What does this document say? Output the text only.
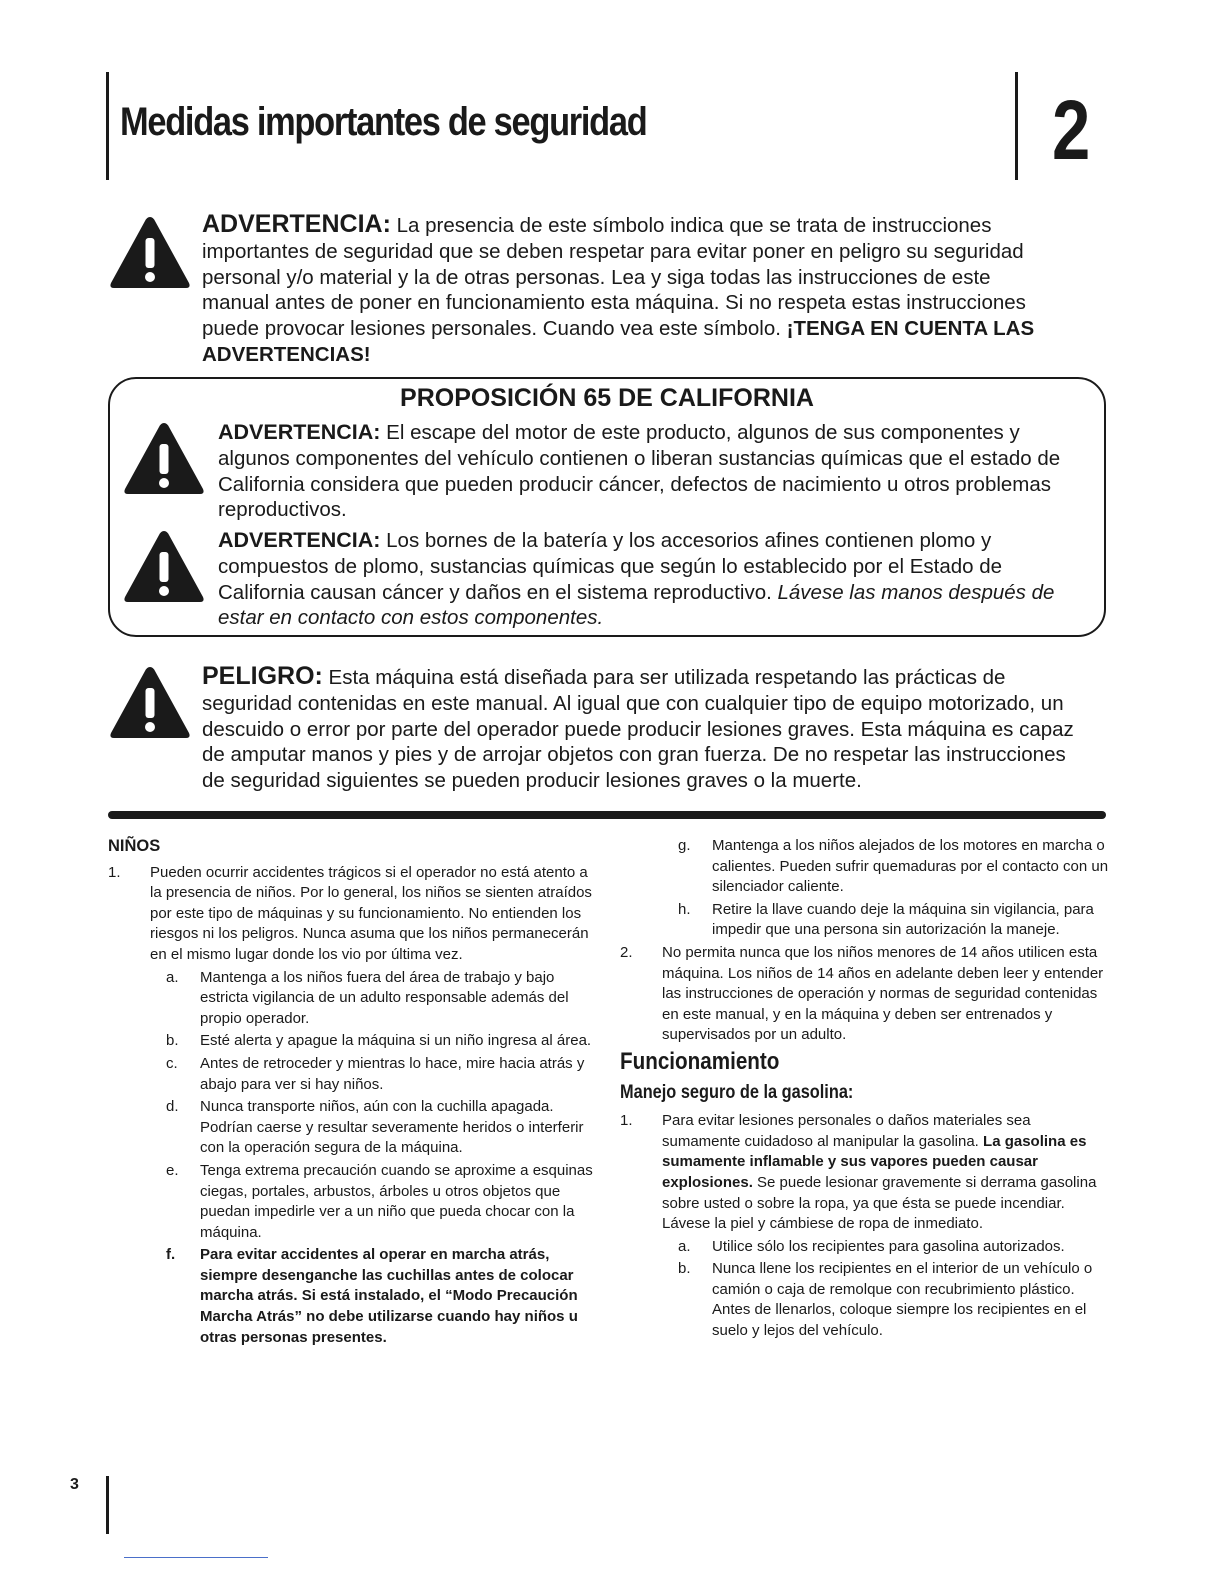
Medidas importantes de seguridad	2
ADVERTENCIA: La presencia de este símbolo indica que se trata de instrucciones
importantes de seguridad que se deben respetar para evitar poner en peligro su seguridad
personal y/o material y la de otras personas. Lea y siga todas las instrucciones de este
manual antes de poner en funcionamiento esta máquina. Si no respeta estas instrucciones
puede provocar lesiones personales. Cuando vea este símbolo. ¡TENGA EN CUENTA LAS
ADVERTENCIAS!
PROPOSICIÓN 65 DE CALIFORNIA
ADVERTENCIA: El escape del motor de este producto, algunos de sus componentes y
algunos componentes del vehículo contienen o liberan sustancias químicas que el estado de
California considera que pueden producir cáncer, defectos de nacimiento u otros problemas
reproductivos.
ADVERTENCIA: Los bornes de la batería y los accesorios afines contienen plomo y
compuestos de plomo, sustancias químicas que según lo establecido por el Estado de
California causan cáncer y daños en el sistema reproductivo. Lávese las manos después de
estar en contacto con estos componentes.
PELIGRO: Esta máquina está diseñada para ser utilizada respetando las prácticas de
seguridad contenidas en este manual. Al igual que con cualquier tipo de equipo motorizado, un
descuido o error por parte del operador puede producir lesiones graves. Esta máquina es capaz
de amputar manos y pies y de arrojar objetos con gran fuerza. De no respetar las instrucciones
de seguridad siguientes se pueden producir lesiones graves o la muerte.
NIÑOS
1. Pueden ocurrir accidentes trágicos si el operador no está atento a la presencia de niños. Por lo general, los niños se sienten atraídos por este tipo de máquinas y su funcionamiento. No entienden los riesgos ni los peligros. Nunca asuma que los niños permanecerán en el mismo lugar donde los vio por última vez.
a. Mantenga a los niños fuera del área de trabajo y bajo estricta vigilancia de un adulto responsable además del propio operador.
b. Esté alerta y apague la máquina si un niño ingresa al área.
c. Antes de retroceder y mientras lo hace, mire hacia atrás y abajo para ver si hay niños.
d. Nunca transporte niños, aún con la cuchilla apagada. Podrían caerse y resultar severamente heridos o interferir con la operación segura de la máquina.
e. Tenga extrema precaución cuando se aproxime a esquinas ciegas, portales, arbustos, árboles u otros objetos que puedan impedirle ver a un niño que pueda chocar con la máquina.
f. Para evitar accidentes al operar en marcha atrás, siempre desenganche las cuchillas antes de colocar marcha atrás. Si está instalado, el “Modo Precaución Marcha Atrás” no debe utilizarse cuando hay niños u otras personas presentes.
g. Mantenga a los niños alejados de los motores en marcha o calientes. Pueden sufrir quemaduras por el contacto con un silenciador caliente.
h. Retire la llave cuando deje la máquina sin vigilancia, para impedir que una persona sin autorización la maneje.
2. No permita nunca que los niños menores de 14 años utilicen esta máquina. Los niños de 14 años en adelante deben leer y entender las instrucciones de operación y normas de seguridad contenidas en este manual, y en la máquina y deben ser entrenados y supervisados por un adulto.
Funcionamiento
Manejo seguro de la gasolina:
1. Para evitar lesiones personales o daños materiales sea sumamente cuidadoso al manipular la gasolina. La gasolina es sumamente inflamable y sus vapores pueden causar explosiones. Se puede lesionar gravemente si derrama gasolina sobre usted o sobre la ropa, ya que ésta se puede incendiar. Lávese la piel y cámbiese de ropa de inmediato.
a. Utilice sólo los recipientes para gasolina autorizados.
b. Nunca llene los recipientes en el interior de un vehículo o camión o caja de remolque con recubrimiento plástico. Antes de llenarlos, coloque siempre los recipientes en el suelo y lejos del vehículo.
3
